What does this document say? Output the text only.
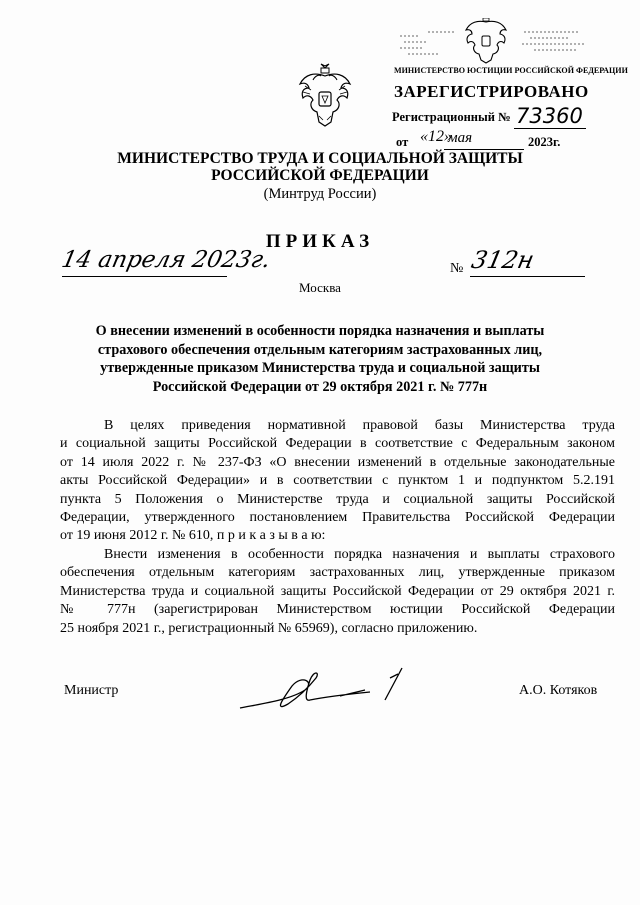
МИНИСТЕРСТВО ЮСТИЦИИ РОССИЙСКОЙ ФЕДЕРАЦИИ
ЗАРЕГИСТРИРОВАНО
Регистрационный № 73360
от «12»
мая	2023г.
МИНИСТЕРСТВО ТРУДА И СОЦИАЛЬНОЙ ЗАЩИТЫ
РОССИЙСКОЙ ФЕДЕРАЦИИ
(Минтруд России)
ПРИКАЗ
14 апреля 2023г.	№ 312н
Москва
О внесении изменений в особенности порядка назначения и выплаты
страхового обеспечения отдельным категориям застрахованных лиц,
утвержденные приказом Министерства труда и социальной защиты
Российской Федерации от 29 октября 2021 г. № 777н
В целях приведения нормативной правовой базы Министерства труда
и социальной защиты Российской Федерации в соответствие с Федеральным законом
от 14 июля 2022 г. № 237-ФЗ «О внесении изменений в отдельные законодательные
акты Российской Федерации» и в соответствии с пунктом 1 и подпунктом 5.2.191
пункта 5 Положения о Министерстве труда и социальной защиты Российской
Федерации, утвержденного постановлением Правительства Российской Федерации
от 19 июня 2012 г. № 610, п р и к а з ы в а ю:
Внести изменения в особенности порядка назначения и выплаты страхового
обеспечения отдельным категориям застрахованных лиц, утвержденные приказом
Министерства труда и социальной защиты Российской Федерации от 29 октября 2021 г.
№ 777н (зарегистрирован Министерством юстиции Российской Федерации
25 ноября 2021 г., регистрационный № 65969), согласно приложению.
Министр	А.О. Котяков
